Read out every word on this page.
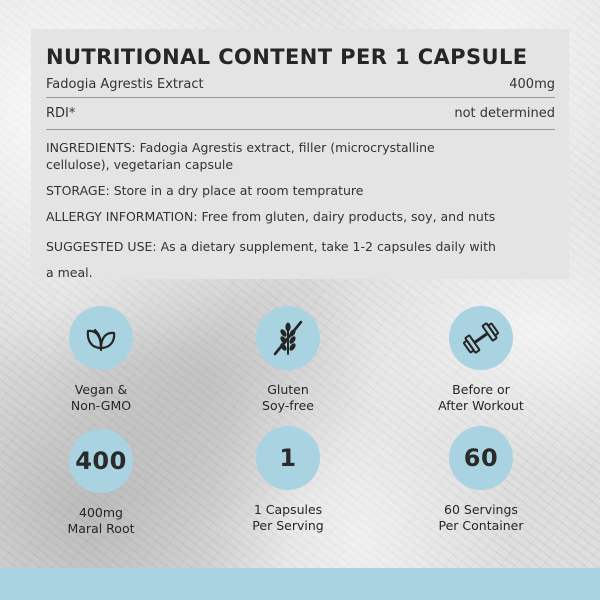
NUTRITIONAL CONTENT PER 1 CAPSULE
Fadogia Agrestis Extract	400mg
RDI*	not determined
INGREDIENTS: Fadogia Agrestis extract, filler (microcrystalline
cellulose), vegetarian capsule
STORAGE: Store in a dry place at room temprature
ALLERGY INFORMATION: Free from gluten, dairy products, soy, and nuts
SUGGESTED USE: As a dietary supplement, take 1-2 capsules daily with
a meal.
Vegan &
Non-GMO
Gluten
Soy-free
Before or
After Workout
400
400mg
Maral Root
1
1 Capsules
Per Serving
60
60 Servings
Per Container
